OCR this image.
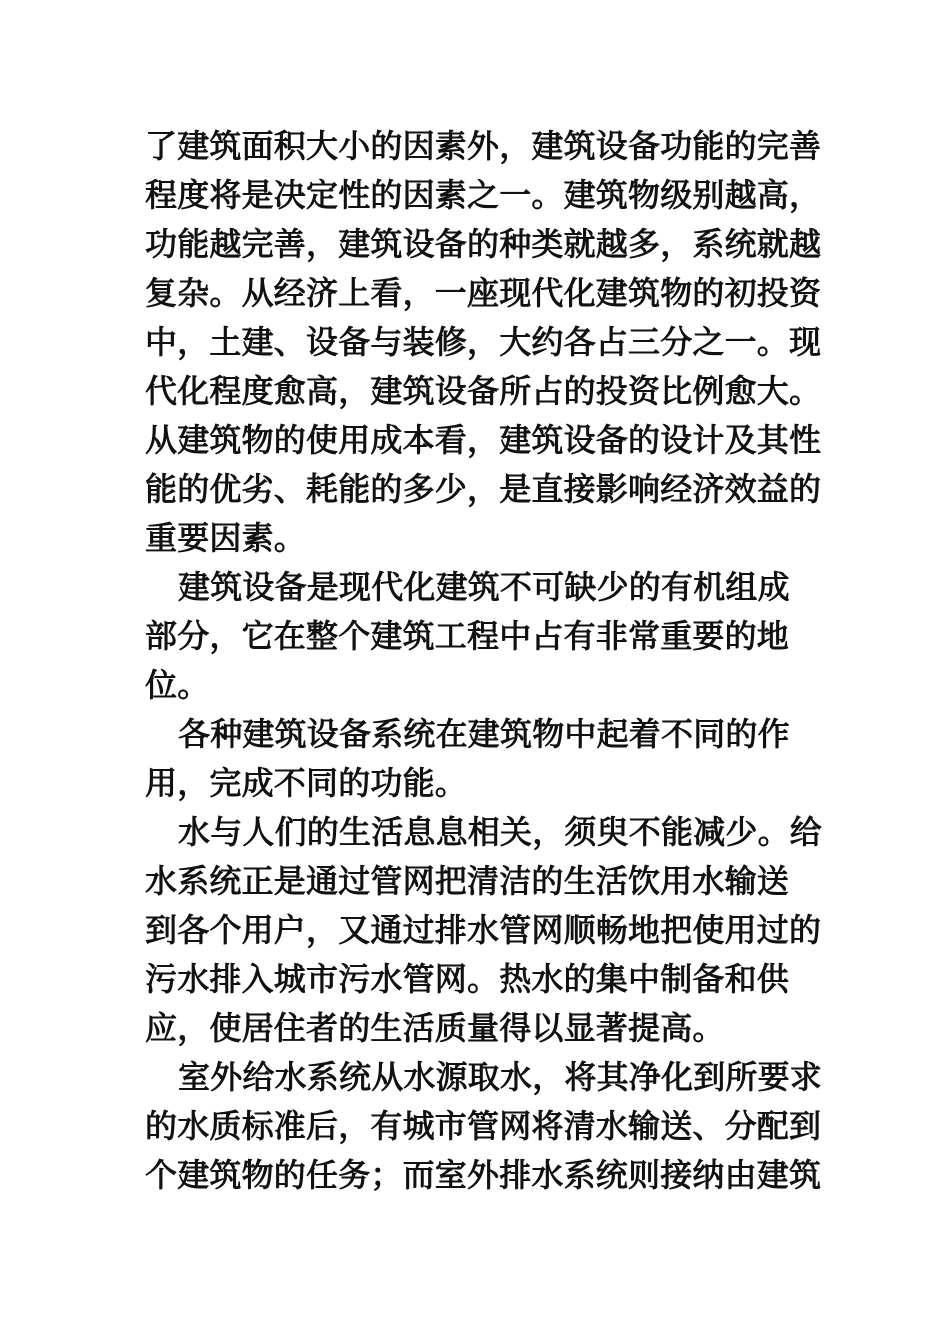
了建筑面积大小的因素外，建筑设备功能的完善
程度将是决定性的因素之一。建筑物级别越高，
功能越完善，建筑设备的种类就越多，系统就越
复杂。从经济上看，一座现代化建筑物的初投资
中，土建、设备与装修，大约各占三分之一。现
代化程度愈高，建筑设备所占的投资比例愈大。
从建筑物的使用成本看，建筑设备的设计及其性
能的优劣、耗能的多少，是直接影响经济效益的
重要因素。
建筑设备是现代化建筑不可缺少的有机组成
部分，它在整个建筑工程中占有非常重要的地
位。
各种建筑设备系统在建筑物中起着不同的作
用，完成不同的功能。
水与人们的生活息息相关，须臾不能减少。给
水系统正是通过管网把清洁的生活饮用水输送
到各个用户，又通过排水管网顺畅地把使用过的
污水排入城市污水管网。热水的集中制备和供
应，使居住者的生活质量得以显著提高。
室外给水系统从水源取水，将其净化到所要求
的水质标准后，有城市管网将清水输送、分配到
个建筑物的任务；而室外排水系统则接纳由建筑
